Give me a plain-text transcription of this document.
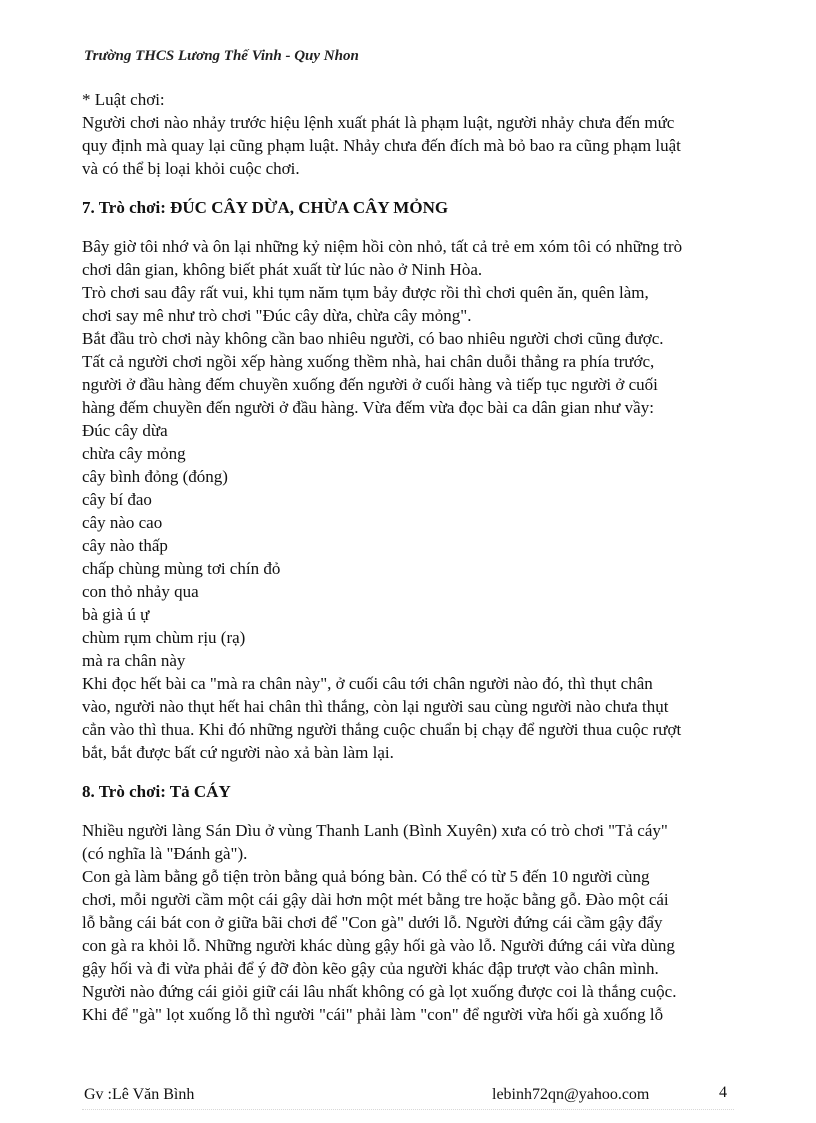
Trường THCS Lương Thế Vinh - Quy Nhon

* Luật chơi:

Người chơi nào nhảy trước hiệu lệnh xuất phát là phạm luật, người nhảy chưa đến mức

quy định mà quay lại cũng phạm luật. Nhảy chưa đến đích mà bỏ bao ra cũng phạm luật

và có thể bị loại khỏi cuộc chơi.

7. Trò chơi: ĐÚC CÂY DỪA, CHỪA CÂY MỎNG

Bây giờ tôi nhớ và ôn lại những kỷ niệm hồi còn nhỏ, tất cả trẻ em xóm tôi có những trò

chơi dân gian, không biết phát xuất từ lúc nào ở Ninh Hòa.

Trò chơi sau đây rất vui, khi tụm năm tụm bảy được rồi thì chơi quên ăn, quên làm,

chơi say mê như trò chơi "Đúc cây dừa, chừa cây mỏng".

Bắt đầu trò chơi này không cần bao nhiêu người, có bao nhiêu người chơi cũng được.

Tất cả người chơi ngồi xếp hàng xuống thềm nhà, hai chân duỗi thẳng ra phía trước,

người ở đầu hàng đếm chuyền xuống đến người ở cuối hàng và tiếp tục người ở cuối

hàng đếm chuyền đến người ở đầu hàng. Vừa đếm vừa đọc bài ca dân gian như vầy:

Đúc cây dừa

chừa cây mỏng

cây bình đỏng (đóng)

cây bí đao

cây nào cao

cây nào thấp

chấp chùng mùng tơi chín đỏ

con thỏ nhảy qua

bà già ú ự

chùm rụm chùm rịu (rạ)

mà ra chân này

Khi đọc hết bài ca "mà ra chân này", ở cuối câu tới chân người nào đó, thì thụt chân

vào, người nào thụt hết hai chân thì thắng, còn lại người sau cùng người nào chưa thụt

cẳn vào thì thua. Khi đó những người thắng cuộc chuẩn bị chạy để người thua cuộc rượt

bắt, bắt được bất cứ người nào xả bàn làm lại.

8. Trò chơi: Tả CÁY

Nhiều người làng Sán Dìu ở vùng Thanh Lanh (Bình Xuyên) xưa có trò chơi "Tả cáy"

(có nghĩa là "Đánh gà").

Con gà làm bằng gỗ tiện tròn bằng quả bóng bàn. Có thể có từ 5 đến 10 người cùng

chơi, mỗi người cầm một cái gậy dài hơn một mét bằng tre hoặc bằng gỗ. Đào một cái

lỗ bằng cái bát con ở giữa bãi chơi để "Con gà" dưới lỗ. Người đứng cái cầm gậy đẩy

con gà ra khỏi lỗ. Những người khác dùng gậy hối gà vào lỗ. Người đứng cái vừa dùng

gậy hối và đi vừa phải để ý đỡ đòn kẽo gậy của người khác đập trượt vào chân mình.

Người nào đứng cái giỏi giữ cái lâu nhất không có gà lọt xuống được coi là thắng cuộc.

Khi để "gà" lọt xuống lỗ thì người "cái" phải làm "con" để người vừa hối gà xuống lỗ

Gv :Lê Văn Bình	lebinh72qn@yahoo.com	4
